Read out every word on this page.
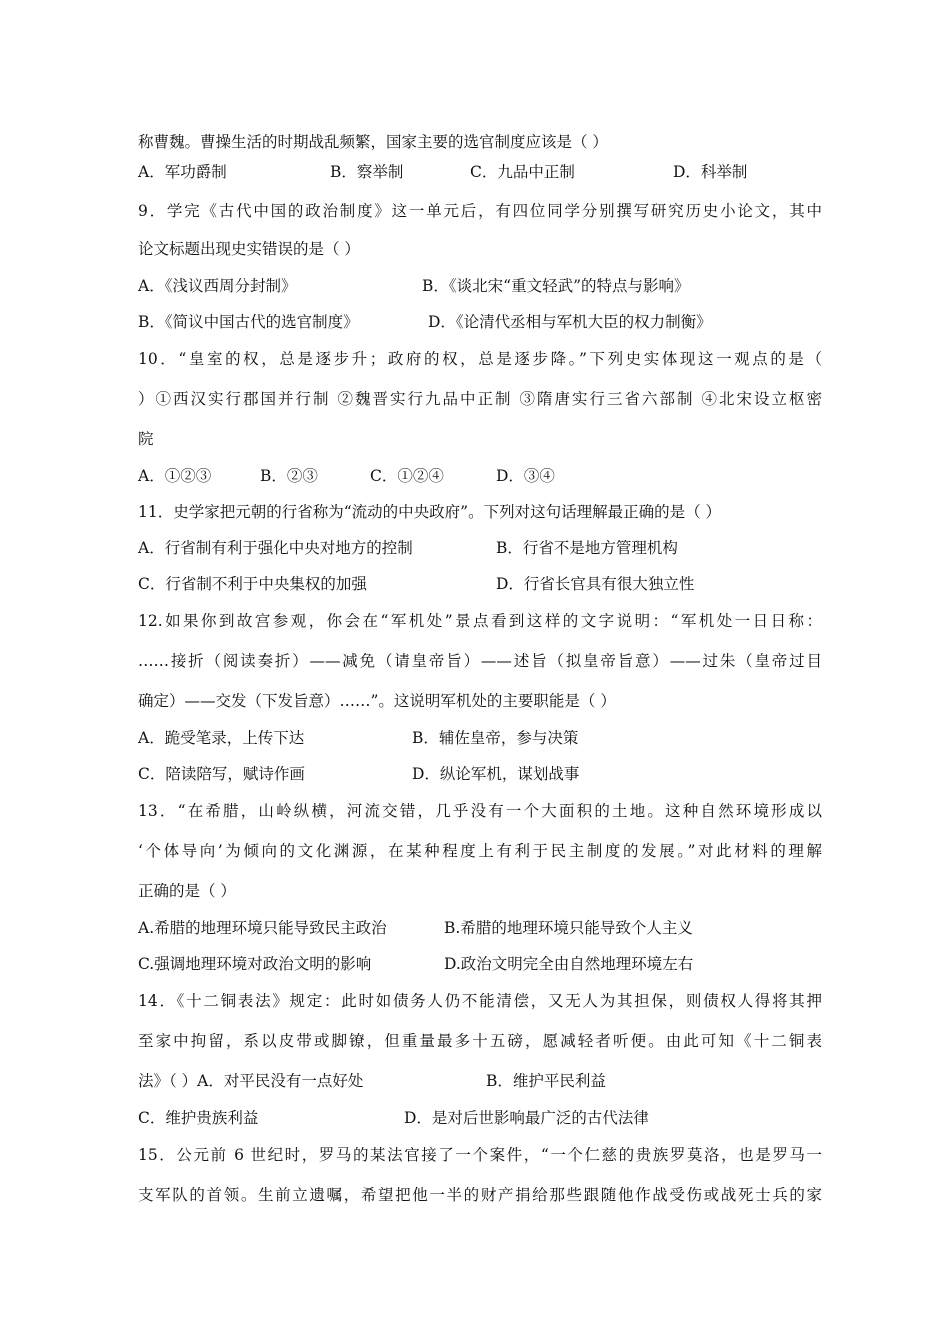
称曹魏。曹操生活的时期战乱频繁，国家主要的选官制度应该是（ ）
A．军功爵制	B．察举制	C．九品中正制	D．科举制
9．学完《古代中国的政治制度》这一单元后，有四位同学分别撰写研究历史小论文，其中
论文标题出现史实错误的是（ ）
A．《浅议西周分封制》	B．《谈北宋“重文轻武”的特点与影响》
B．《简议中国古代的选官制度》	D．《论清代丞相与军机大臣的权力制衡》
10．“皇室的权，总是逐步升；政府的权，总是逐步降。”下列史实体现这一观点的是（
）①西汉实行郡国并行制 ②魏晋实行九品中正制 ③隋唐实行三省六部制 ④北宋设立枢密
院
A．①②③	B．②③	C．①②④	D．③④
11．史学家把元朝的行省称为“流动的中央政府”。下列对这句话理解最正确的是（ ）
A．行省制有利于强化中央对地方的控制	B．行省不是地方管理机构
C．行省制不利于中央集权的加强	D．行省长官具有很大独立性
12.如果你到故宫参观，你会在“军机处”景点看到这样的文字说明：“军机处一日日称：
……接折（阅读奏折）——减免（请皇帝旨）——述旨（拟皇帝旨意）——过朱（皇帝过目
确定）——交发（下发旨意）……”。这说明军机处的主要职能是（ ）
A．跪受笔录，上传下达	B．辅佐皇帝，参与决策
C．陪读陪写，赋诗作画	D．纵论军机，谋划战事
13．“在希腊，山岭纵横，河流交错，几乎没有一个大面积的土地。这种自然环境形成以
‘个体导向’为倾向的文化渊源，在某种程度上有利于民主制度的发展。”对此材料的理解
正确的是（ ）
A.希腊的地理环境只能导致民主政治	B.希腊的地理环境只能导致个人主义
C.强调地理环境对政治文明的影响	D.政治文明完全由自然地理环境左右
14．《十二铜表法》规定：此时如债务人仍不能清偿，又无人为其担保，则债权人得将其押
至家中拘留，系以皮带或脚镣，但重量最多十五磅，愿减轻者听便。由此可知《十二铜表
法》（ ）A．对平民没有一点好处	B．维护平民利益
C．维护贵族利益	D．是对后世影响最广泛的古代法律
15．公元前 6 世纪时，罗马的某法官接了一个案件，“一个仁慈的贵族罗莫洛，也是罗马一
支军队的首领。生前立遗嘱，希望把他一半的财产捐给那些跟随他作战受伤或战死士兵的家
